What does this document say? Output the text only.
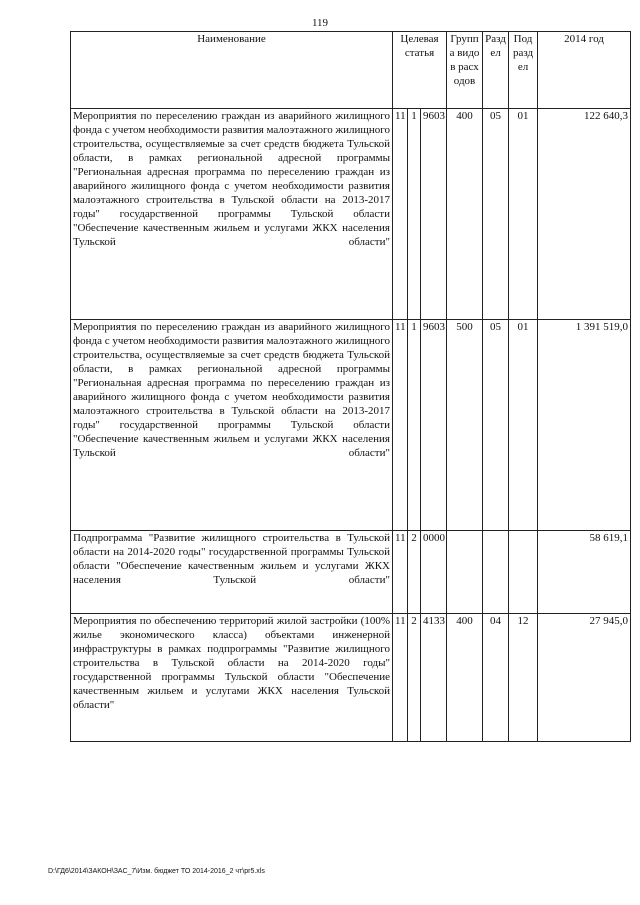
119
Наименование	Целевая статья			Группа видов расходов	Раздел	Подраздел	2014 год
Мероприятия по переселению граждан из аварийного жилищного фонда с учетом необходимости развития малоэтажного жилищного строительства, осуществляемые за счет средств бюджета Тульской области, в рамках региональной адресной программы "Региональная адресная программа по переселению граждан из аварийного жилищного фонда с учетом необходимости развития малоэтажного строительства в Тульской области на 2013-2017 годы" государственной программы Тульской области "Обеспечение качественным жильем и услугами ЖКХ населения Тульской области"	11	1	9603	400	05	01	122 640,3
Мероприятия по переселению граждан из аварийного жилищного фонда с учетом необходимости развития малоэтажного жилищного строительства, осуществляемые за счет средств бюджета Тульской области, в рамках региональной адресной программы "Региональная адресная программа по переселению граждан из аварийного жилищного фонда с учетом необходимости развития малоэтажного строительства в Тульской области на 2013-2017 годы" государственной программы Тульской области "Обеспечение качественным жильем и услугами ЖКХ населения Тульской области"	11	1	9603	500	05	01	1 391 519,0
Подпрограмма "Развитие жилищного строительства в Тульской области на 2014-2020 годы" государственной программы Тульской области "Обеспечение качественным жильем и услугами ЖКХ населения Тульской области"	11	2	0000				58 619,1
Мероприятия по обеспечению территорий жилой застройки (100% жилье экономического класса) объектами инженерной инфраструктуры в рамках подпрограммы "Развитие жилищного строительства в Тульской области на 2014-2020 годы" государственной программы Тульской области "Обеспечение качественным жильем и услугами ЖКХ населения Тульской области"	11	2	4133	400	04	12	27 945,0
D:\ГД6\2014\ЗАКОН\ЗАС_7\Изм. бюджет ТО 2014-2016_2 чт\pr5.xls
